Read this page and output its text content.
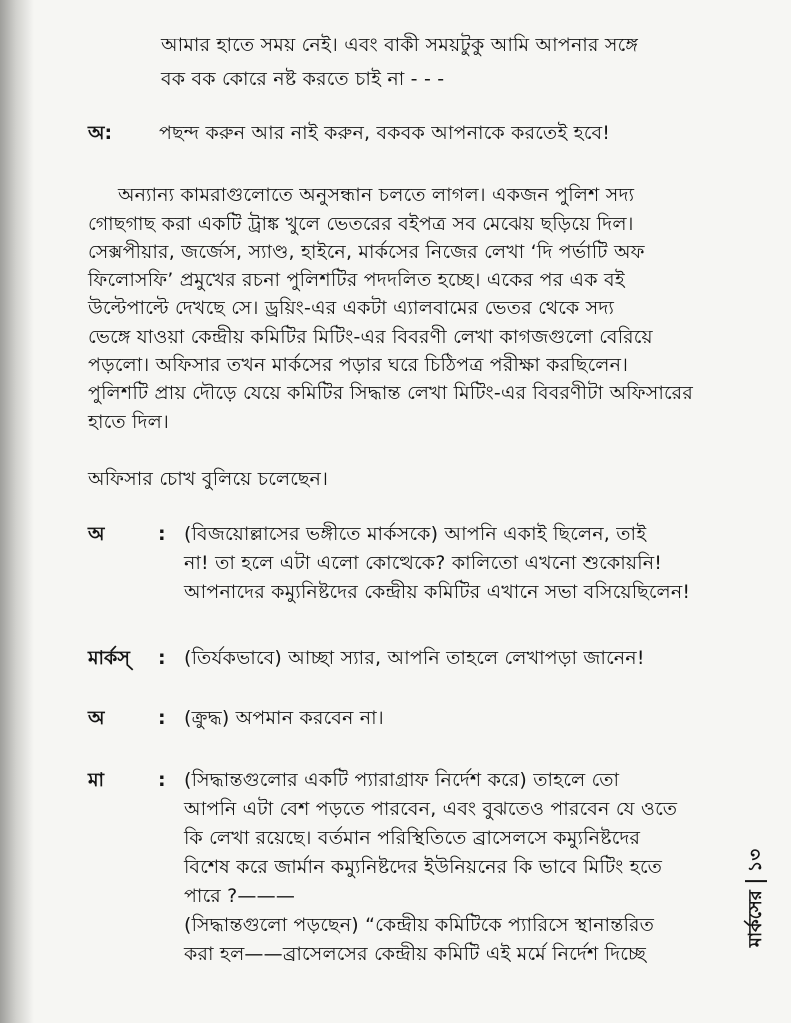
আমার হাতে সময় নেই। এবং বাকী সময়টুকু আমি আপনার সঙ্গে
বক বক কোরে নষ্ট করতে চাই না - - -
অ: পছন্দ করুন আর নাই করুন, বকবক আপনাকে করতেই হবে!
অন্যান্য কামরাগুলোতে অনুসন্ধান চলতে লাগল। একজন পুলিশ সদ্য
গোছগাছ করা একটি ট্রাঙ্ক খুলে ভেতরের বইপত্র সব মেঝেয় ছড়িয়ে দিল।
সেক্সপীয়ার, জর্জেস, স্যাণ্ড, হাইনে, মার্কসের নিজের লেখা ‘দি পর্ভাটি অফ
ফিলোসফি’ প্রমুখের রচনা পুলিশটির পদদলিত হচ্ছে। একের পর এক বই
উল্টেপাল্টে দেখছে সে। ড্রয়িং-এর একটা এ্যালবামের ভেতর থেকে সদ্য
ভেঙ্গে যাওয়া কেন্দ্রীয় কমিটির মিটিং-এর বিবরণী লেখা কাগজগুলো বেরিয়ে
পড়লো। অফিসার তখন মার্কসের পড়ার ঘরে চিঠিপত্র পরীক্ষা করছিলেন।
পুলিশটি প্রায় দৌড়ে যেয়ে কমিটির সিদ্ধান্ত লেখা মিটিং-এর বিবরণীটা অফিসারের
হাতে দিল।
অফিসার চোখ বুলিয়ে চলেছেন।
অ	: (বিজয়োল্লাসের ভঙ্গীতে মার্কসকে) আপনি একাই ছিলেন, তাই
না! তা হলে এটা এলো কোত্থেকে? কালিতো এখনো শুকোয়নি!
আপনাদের কম্যুনিষ্টদের কেন্দ্রীয় কমিটির এখানে সভা বসিয়েছিলেন!
মার্কস্‌ : (তির্যকভাবে) আচ্ছা স্যার, আপনি তাহলে লেখাপড়া জানেন!
অ	: (ক্রুদ্ধ) অপমান করবেন না।
মা	: (সিদ্ধান্তগুলোর একটি প্যারাগ্রাফ নির্দেশ করে) তাহলে তো
আপনি এটা বেশ পড়তে পারবেন, এবং বুঝতেও পারবেন যে ওতে
কি লেখা রয়েছে। বর্তমান পরিস্থিতিতে ব্রাসেলসে কম্যুনিষ্টদের
বিশেষ করে জার্মান কম্যুনিষ্টদের ইউনিয়নের কি ভাবে মিটিং হতে
পারে ?———
(সিদ্ধান্তগুলো পড়ছেন) “কেন্দ্রীয় কমিটিকে প্যারিসে স্থানান্তরিত
করা হল——ব্রাসেলসের কেন্দ্রীয় কমিটি এই মর্মে নির্দেশ দিচ্ছে
মার্কসের
১৩
